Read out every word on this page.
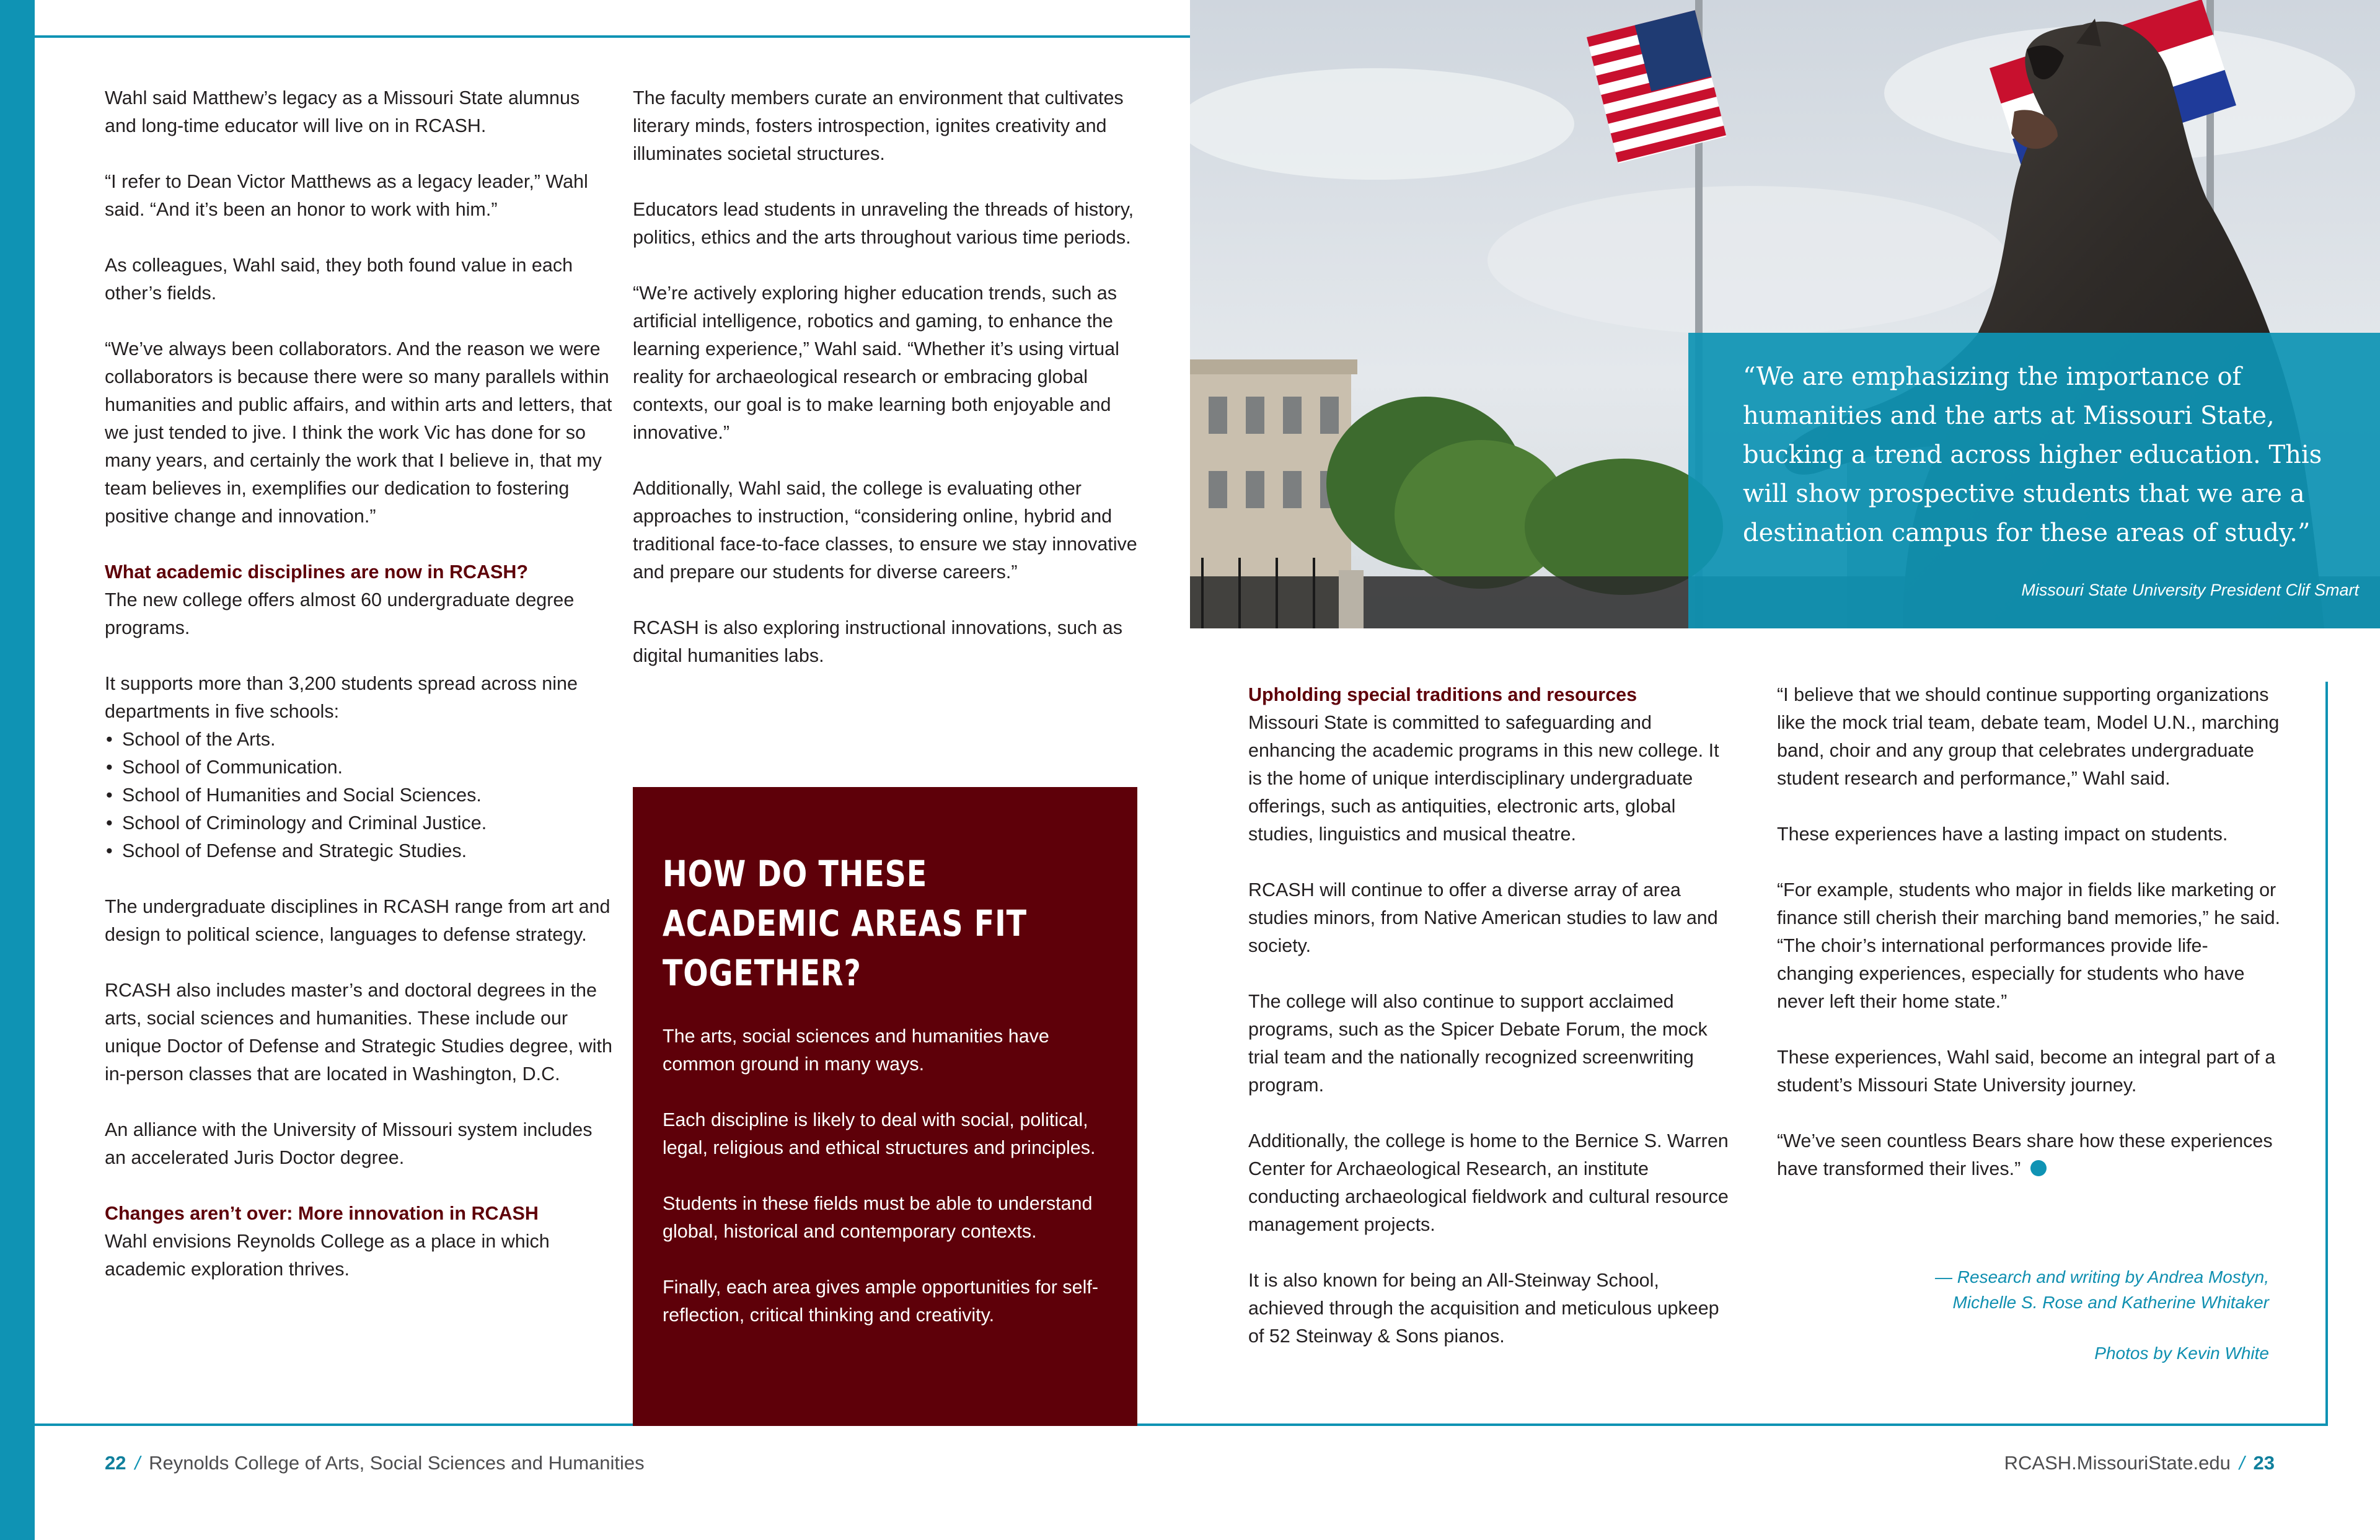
Wahl said Matthew’s legacy as a Missouri State alumnus and long-time educator will live on in RCASH.

“I refer to Dean Victor Matthews as a legacy leader,” Wahl said. “And it’s been an honor to work with him.”

As colleagues, Wahl said, they both found value in each other’s fields.

“We’ve always been collaborators. And the reason we were collaborators is because there were so many parallels within humanities and public affairs, and within arts and letters, that we just tended to jive. I think the work Vic has done for so many years, and certainly the work that I believe in, that my team believes in, exemplifies our dedication to fostering positive change and innovation.”

What academic disciplines are now in RCASH?

The new college offers almost 60 undergraduate degree programs.

It supports more than 3,200 students spread across nine departments in five schools:

• School of the Arts.
• School of Communication.
• School of Humanities and Social Sciences.
• School of Criminology and Criminal Justice.
• School of Defense and Strategic Studies.

The undergraduate disciplines in RCASH range from art and design to political science, languages to defense strategy.

RCASH also includes master’s and doctoral degrees in the arts, social sciences and humanities. These include our unique Doctor of Defense and Strategic Studies degree, with in-person classes that are located in Washington, D.C.

An alliance with the University of Missouri system includes an accelerated Juris Doctor degree.

Changes aren’t over: More innovation in RCASH

Wahl envisions Reynolds College as a place in which academic exploration thrives.

The faculty members curate an environment that cultivates literary minds, fosters introspection, ignites creativity and illuminates societal structures.

Educators lead students in unraveling the threads of history, politics, ethics and the arts throughout various time periods.

“We’re actively exploring higher education trends, such as artificial intelligence, robotics and gaming, to enhance the learning experience,” Wahl said. “Whether it’s using virtual reality for archaeological research or embracing global contexts, our goal is to make learning both enjoyable and innovative.”

Additionally, Wahl said, the college is evaluating other approaches to instruction, “considering online, hybrid and traditional face-to-face classes, to ensure we stay innovative and prepare our students for diverse careers.”

RCASH is also exploring instructional innovations, such as digital humanities labs.

HOW DO THESE ACADEMIC AREAS FIT TOGETHER?

The arts, social sciences and humanities have common ground in many ways.

Each discipline is likely to deal with social, political, legal, religious and ethical structures and principles.

Students in these fields must be able to understand global, historical and contemporary contexts.

Finally, each area gives ample opportunities for self-reflection, critical thinking and creativity.

“We are emphasizing the importance of humanities and the arts at Missouri State, bucking a trend across higher education. This will show prospective students that we are a destination campus for these areas of study.”

Missouri State University President Clif Smart
Upholding special traditions and resources

Missouri State is committed to safeguarding and enhancing the academic programs in this new college. It is the home of unique interdisciplinary undergraduate offerings, such as antiquities, electronic arts, global studies, linguistics and musical theatre.

RCASH will continue to offer a diverse array of area studies minors, from Native American studies to law and society.

The college will also continue to support acclaimed programs, such as the Spicer Debate Forum, the mock trial team and the nationally recognized screenwriting program.

Additionally, the college is home to the Bernice S. Warren Center for Archaeological Research, an institute conducting archaeological fieldwork and cultural resource management projects.

It is also known for being an All-Steinway School, achieved through the acquisition and meticulous upkeep of 52 Steinway & Sons pianos.

“I believe that we should continue supporting organizations like the mock trial team, debate team, Model U.N., marching band, choir and any group that celebrates undergraduate student research and performance,” Wahl said.

These experiences have a lasting impact on students.

“For example, students who major in fields like marketing or finance still cherish their marching band memories,” he said. “The choir’s international performances provide life-changing experiences, especially for students who have never left their home state.”

These experiences, Wahl said, become an integral part of a student’s Missouri State University journey.

“We’ve seen countless Bears share how these experiences have transformed their lives.”

— Research and writing by Andrea Mostyn,
Michelle S. Rose and Katherine Whitaker
Photos by Kevin White
22 / Reynolds College of Arts, Social Sciences and Humanities	RCASH.MissouriState.edu / 23
